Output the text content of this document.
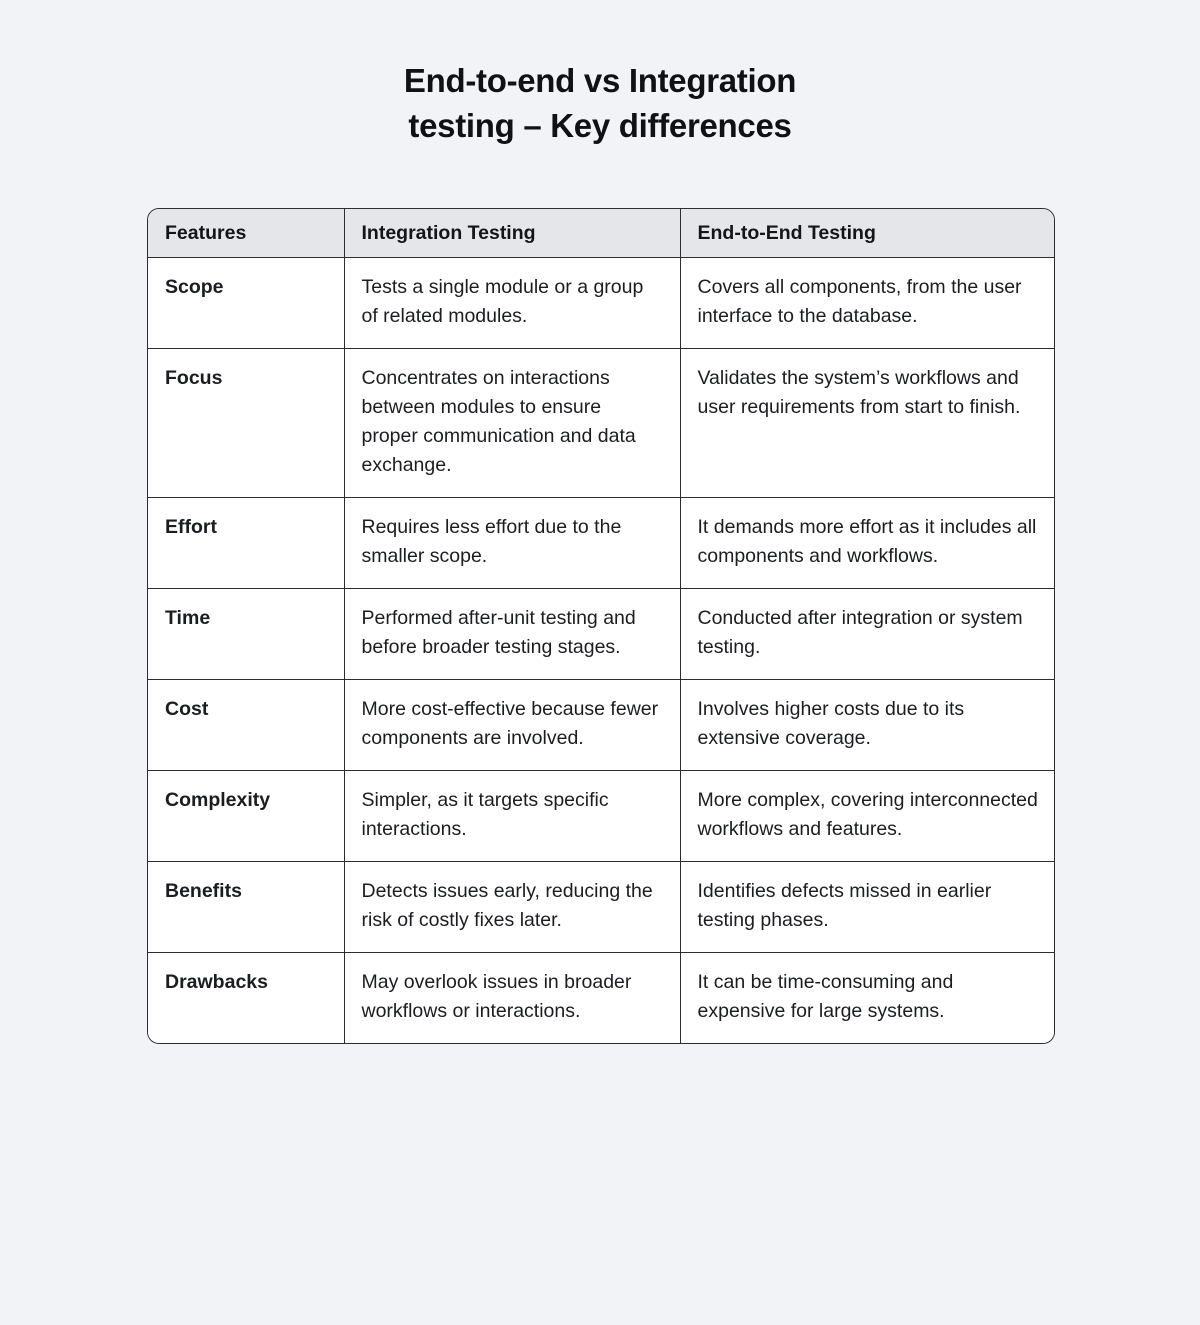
End-to-end vs Integration
testing – Key differences
Features	Integration Testing	End-to-End Testing
Scope	Tests a single module or a group of related modules.	Covers all components, from the user interface to the database.
Focus	Concentrates on interactions between modules to ensure proper communication and data exchange.	Validates the system’s workflows and user requirements from start to finish.
Effort	Requires less effort due to the smaller scope.	It demands more effort as it includes all components and workflows.
Time	Performed after-unit testing and before broader testing stages.	Conducted after integration or system testing.
Cost	More cost-effective because fewer components are involved.	Involves higher costs due to its extensive coverage.
Complexity	Simpler, as it targets specific interactions.	More complex, covering interconnected workflows and features.
Benefits	Detects issues early, reducing the risk of costly fixes later.	Identifies defects missed in earlier testing phases.
Drawbacks	May overlook issues in broader workflows or interactions.	It can be time-consuming and expensive for large systems.
